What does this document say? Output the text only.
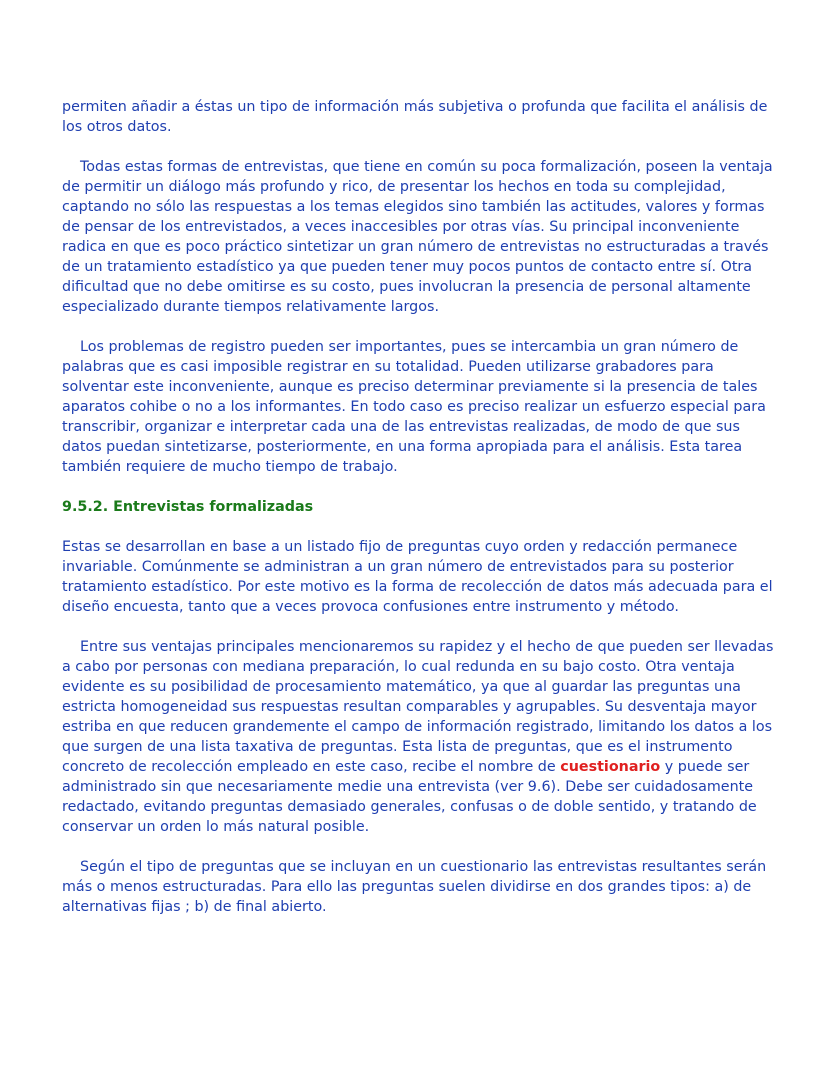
permiten añadir a éstas un tipo de información más subjetiva o profunda que facilita el análisis de los otros datos.

Todas estas formas de entrevistas, que tiene en común su poca formalización, poseen la ventaja de permitir un diálogo más profundo y rico, de presentar los hechos en toda su complejidad, captando no sólo las respuestas a los temas elegidos sino también las actitudes, valores y formas de pensar de los entrevistados, a veces inaccesibles por otras vías. Su principal inconveniente radica en que es poco práctico sintetizar un gran número de entrevistas no estructuradas a través de un tratamiento estadístico ya que pueden tener muy pocos puntos de contacto entre sí. Otra dificultad que no debe omitirse es su costo, pues involucran la presencia de personal altamente especializado durante tiempos relativamente largos.

Los problemas de registro pueden ser importantes, pues se intercambia un gran número de palabras que es casi imposible registrar en su totalidad. Pueden utilizarse grabadores para solventar este inconveniente, aunque es preciso determinar previamente si la presencia de tales aparatos cohibe o no a los informantes. En todo caso es preciso realizar un esfuerzo especial para transcribir, organizar e interpretar cada una de las entrevistas realizadas, de modo de que sus datos puedan sintetizarse, posteriormente, en una forma apropiada para el análisis. Esta tarea también requiere de mucho tiempo de trabajo.

9.5.2. Entrevistas formalizadas

Estas se desarrollan en base a un listado fijo de preguntas cuyo orden y redacción permanece invariable. Comúnmente se administran a un gran número de entrevistados para su posterior tratamiento estadístico. Por este motivo es la forma de recolección de datos más adecuada para el diseño encuesta, tanto que a veces provoca confusiones entre instrumento y método.

Entre sus ventajas principales mencionaremos su rapidez y el hecho de que pueden ser llevadas a cabo por personas con mediana preparación, lo cual redunda en su bajo costo. Otra ventaja evidente es su posibilidad de procesamiento matemático, ya que al guardar las preguntas una estricta homogeneidad sus respuestas resultan comparables y agrupables. Su desventaja mayor estriba en que reducen grandemente el campo de información registrado, limitando los datos a los que surgen de una lista taxativa de preguntas. Esta lista de preguntas, que es el instrumento concreto de recolección empleado en este caso, recibe el nombre de cuestionario y puede ser administrado sin que necesariamente medie una entrevista (ver 9.6). Debe ser cuidadosamente redactado, evitando preguntas demasiado generales, confusas o de doble sentido, y tratando de conservar un orden lo más natural posible.

Según el tipo de preguntas que se incluyan en un cuestionario las entrevistas resultantes serán más o menos estructuradas. Para ello las preguntas suelen dividirse en dos grandes tipos: a) de alternativas fijas ; b) de final abierto.
